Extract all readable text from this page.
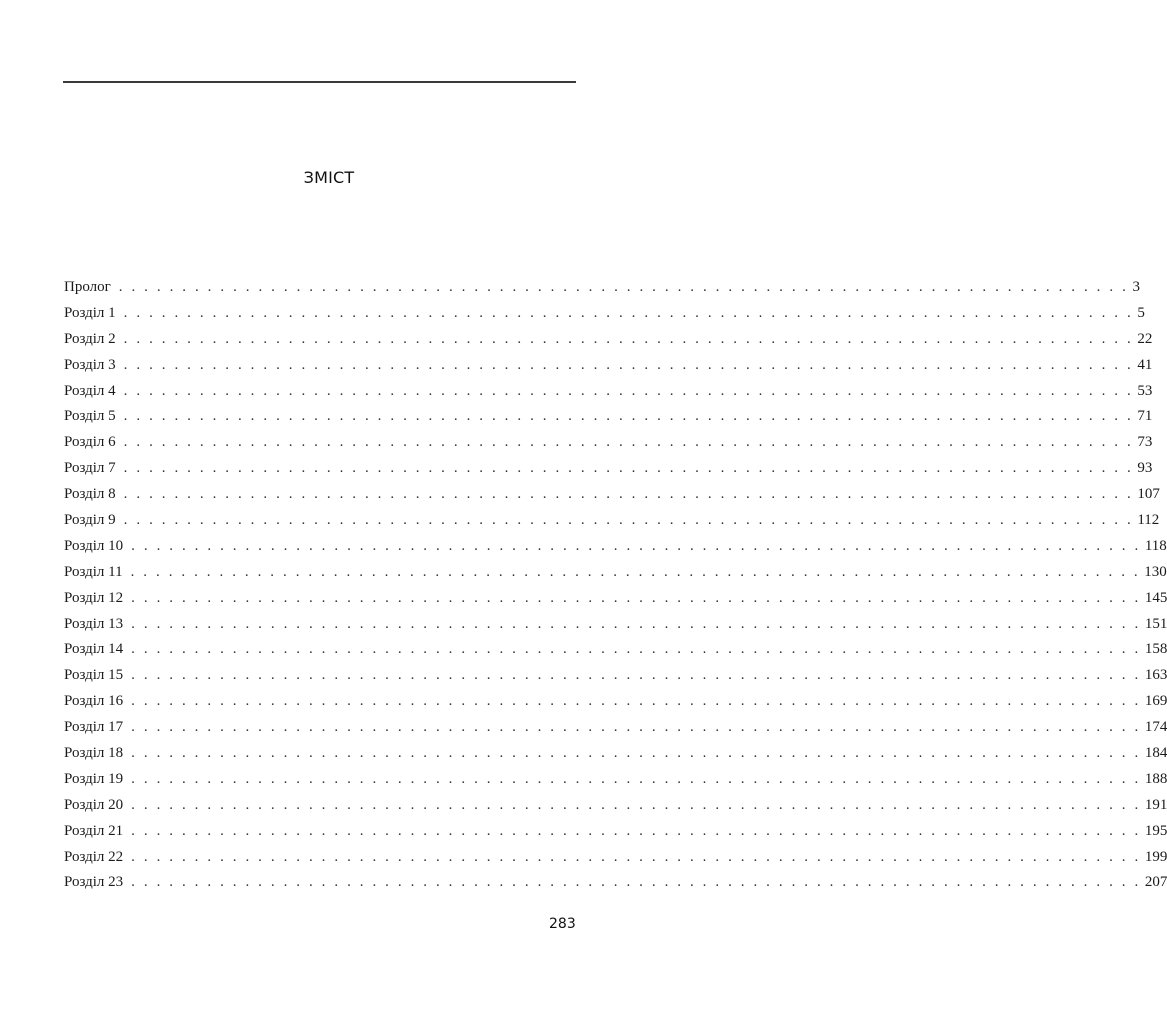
ЗМІСТ
Пролог . . . . . . . . . . . . . . . . . . . . . . . . . . . . . . . . . . . . . . . . . . . . . . . . . . . . . . . . . . . . . . . . . . . . . . . . . . . . . . . . 3
Розділ 1 . . . . . . . . . . . . . . . . . . . . . . . . . . . . . . . . . . . . . . . . . . . . . . . . . . . . . . . . . . . . . . . . . . . . . . . . . . . . . . . . 5
Розділ 2 . . . . . . . . . . . . . . . . . . . . . . . . . . . . . . . . . . . . . . . . . . . . . . . . . . . . . . . . . . . . . . . . . . . . . . . . . . . . . . . . 22
Розділ 3 . . . . . . . . . . . . . . . . . . . . . . . . . . . . . . . . . . . . . . . . . . . . . . . . . . . . . . . . . . . . . . . . . . . . . . . . . . . . . . . . 41
Розділ 4 . . . . . . . . . . . . . . . . . . . . . . . . . . . . . . . . . . . . . . . . . . . . . . . . . . . . . . . . . . . . . . . . . . . . . . . . . . . . . . . . 53
Розділ 5 . . . . . . . . . . . . . . . . . . . . . . . . . . . . . . . . . . . . . . . . . . . . . . . . . . . . . . . . . . . . . . . . . . . . . . . . . . . . . . . . 71
Розділ 6 . . . . . . . . . . . . . . . . . . . . . . . . . . . . . . . . . . . . . . . . . . . . . . . . . . . . . . . . . . . . . . . . . . . . . . . . . . . . . . . . 73
Розділ 7 . . . . . . . . . . . . . . . . . . . . . . . . . . . . . . . . . . . . . . . . . . . . . . . . . . . . . . . . . . . . . . . . . . . . . . . . . . . . . . . . 93
Розділ 8 . . . . . . . . . . . . . . . . . . . . . . . . . . . . . . . . . . . . . . . . . . . . . . . . . . . . . . . . . . . . . . . . . . . . . . . . . . . . . . . . 107
Розділ 9 . . . . . . . . . . . . . . . . . . . . . . . . . . . . . . . . . . . . . . . . . . . . . . . . . . . . . . . . . . . . . . . . . . . . . . . . . . . . . . . . 112
Розділ 10 . . . . . . . . . . . . . . . . . . . . . . . . . . . . . . . . . . . . . . . . . . . . . . . . . . . . . . . . . . . . . . . . . . . . . . . . . . . . . . . . 118
Розділ 11 . . . . . . . . . . . . . . . . . . . . . . . . . . . . . . . . . . . . . . . . . . . . . . . . . . . . . . . . . . . . . . . . . . . . . . . . . . . . . . . . 130
Розділ 12 . . . . . . . . . . . . . . . . . . . . . . . . . . . . . . . . . . . . . . . . . . . . . . . . . . . . . . . . . . . . . . . . . . . . . . . . . . . . . . . . 145
Розділ 13 . . . . . . . . . . . . . . . . . . . . . . . . . . . . . . . . . . . . . . . . . . . . . . . . . . . . . . . . . . . . . . . . . . . . . . . . . . . . . . . . 151
Розділ 14 . . . . . . . . . . . . . . . . . . . . . . . . . . . . . . . . . . . . . . . . . . . . . . . . . . . . . . . . . . . . . . . . . . . . . . . . . . . . . . . . 158
Розділ 15 . . . . . . . . . . . . . . . . . . . . . . . . . . . . . . . . . . . . . . . . . . . . . . . . . . . . . . . . . . . . . . . . . . . . . . . . . . . . . . . . 163
Розділ 16 . . . . . . . . . . . . . . . . . . . . . . . . . . . . . . . . . . . . . . . . . . . . . . . . . . . . . . . . . . . . . . . . . . . . . . . . . . . . . . . . 169
Розділ 17 . . . . . . . . . . . . . . . . . . . . . . . . . . . . . . . . . . . . . . . . . . . . . . . . . . . . . . . . . . . . . . . . . . . . . . . . . . . . . . . . 174
Розділ 18 . . . . . . . . . . . . . . . . . . . . . . . . . . . . . . . . . . . . . . . . . . . . . . . . . . . . . . . . . . . . . . . . . . . . . . . . . . . . . . . . 184
Розділ 19 . . . . . . . . . . . . . . . . . . . . . . . . . . . . . . . . . . . . . . . . . . . . . . . . . . . . . . . . . . . . . . . . . . . . . . . . . . . . . . . . 188
Розділ 20 . . . . . . . . . . . . . . . . . . . . . . . . . . . . . . . . . . . . . . . . . . . . . . . . . . . . . . . . . . . . . . . . . . . . . . . . . . . . . . . . 191
Розділ 21 . . . . . . . . . . . . . . . . . . . . . . . . . . . . . . . . . . . . . . . . . . . . . . . . . . . . . . . . . . . . . . . . . . . . . . . . . . . . . . . . 195
Розділ 22 . . . . . . . . . . . . . . . . . . . . . . . . . . . . . . . . . . . . . . . . . . . . . . . . . . . . . . . . . . . . . . . . . . . . . . . . . . . . . . . . 199
Розділ 23 . . . . . . . . . . . . . . . . . . . . . . . . . . . . . . . . . . . . . . . . . . . . . . . . . . . . . . . . . . . . . . . . . . . . . . . . . . . . . . . . 207
283
